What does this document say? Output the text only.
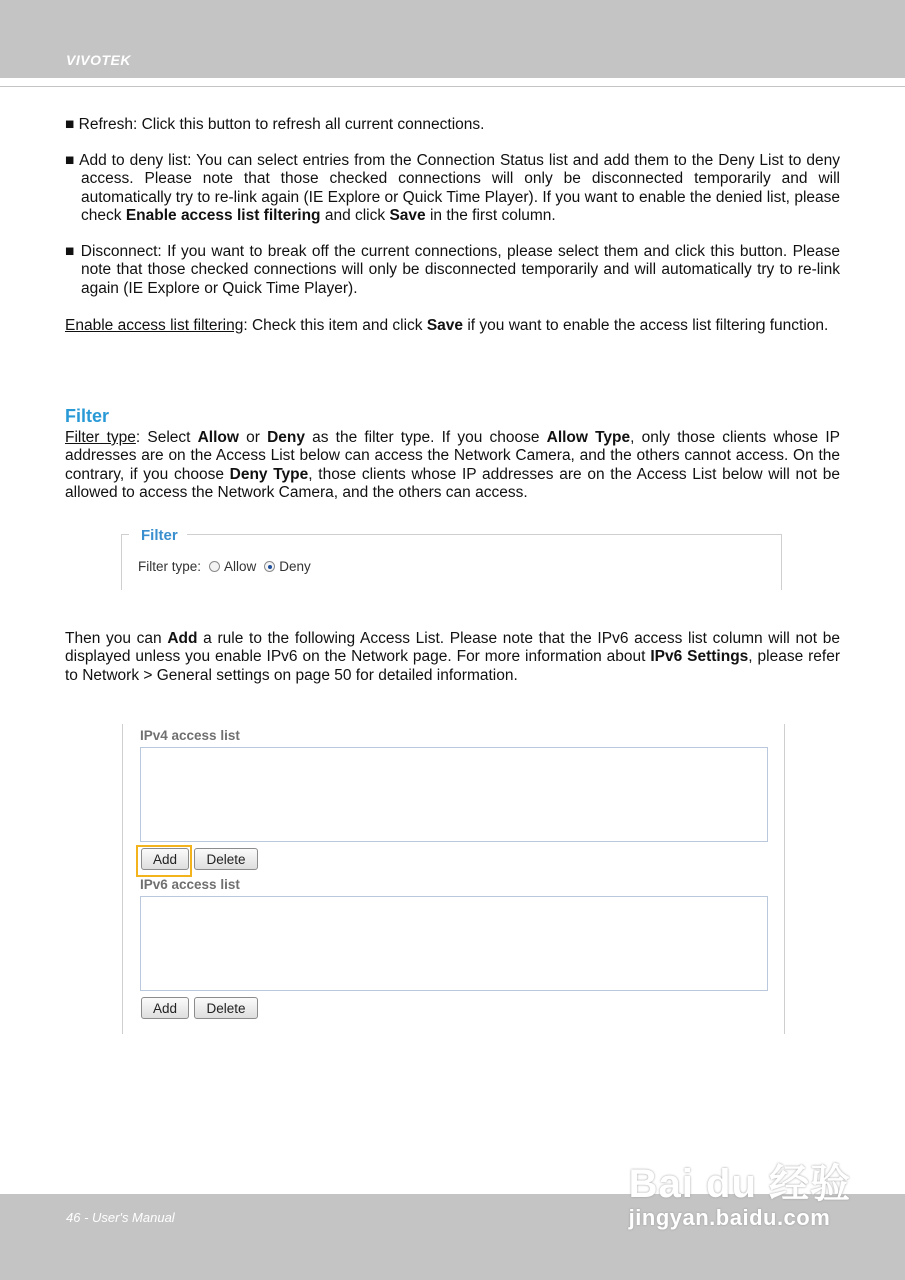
VIVOTEK
■ Refresh: Click this button to refresh all current connections.
■ Add to deny list: You can select entries from the Connection Status list and add them to the Deny List to deny access. Please note that those checked connections will only be disconnected temporarily and will automatically try to re-link again (IE Explore or Quick Time Player). If you want to enable the denied list, please check Enable access list filtering and click Save in the first column.
■ Disconnect: If you want to break off the current connections, please select them and click this button. Please note that those checked connections will only be disconnected temporarily and will automatically try to re-link again (IE Explore or Quick Time Player).
Enable access list filtering: Check this item and click Save if you want to enable the access list filtering function.
Filter
Filter type: Select Allow or Deny as the filter type. If you choose Allow Type, only those clients whose IP addresses are on the Access List below can access the Network Camera, and the others cannot access. On the contrary, if you choose Deny Type, those clients whose IP addresses are on the Access List below will not be allowed to access the Network Camera, and the others can access.
Filter
Filter type: Allow Deny
Then you can Add a rule to the following Access List. Please note that the IPv6 access list column will not be displayed unless you enable IPv6 on the Network page. For more information about IPv6 Settings, please refer to Network > General settings on page 50 for detailed information.
IPv4 access list
Add	Delete
IPv6 access list
Add	Delete
46 - User's Manual
Bai du 经验
jingyan.baidu.com
